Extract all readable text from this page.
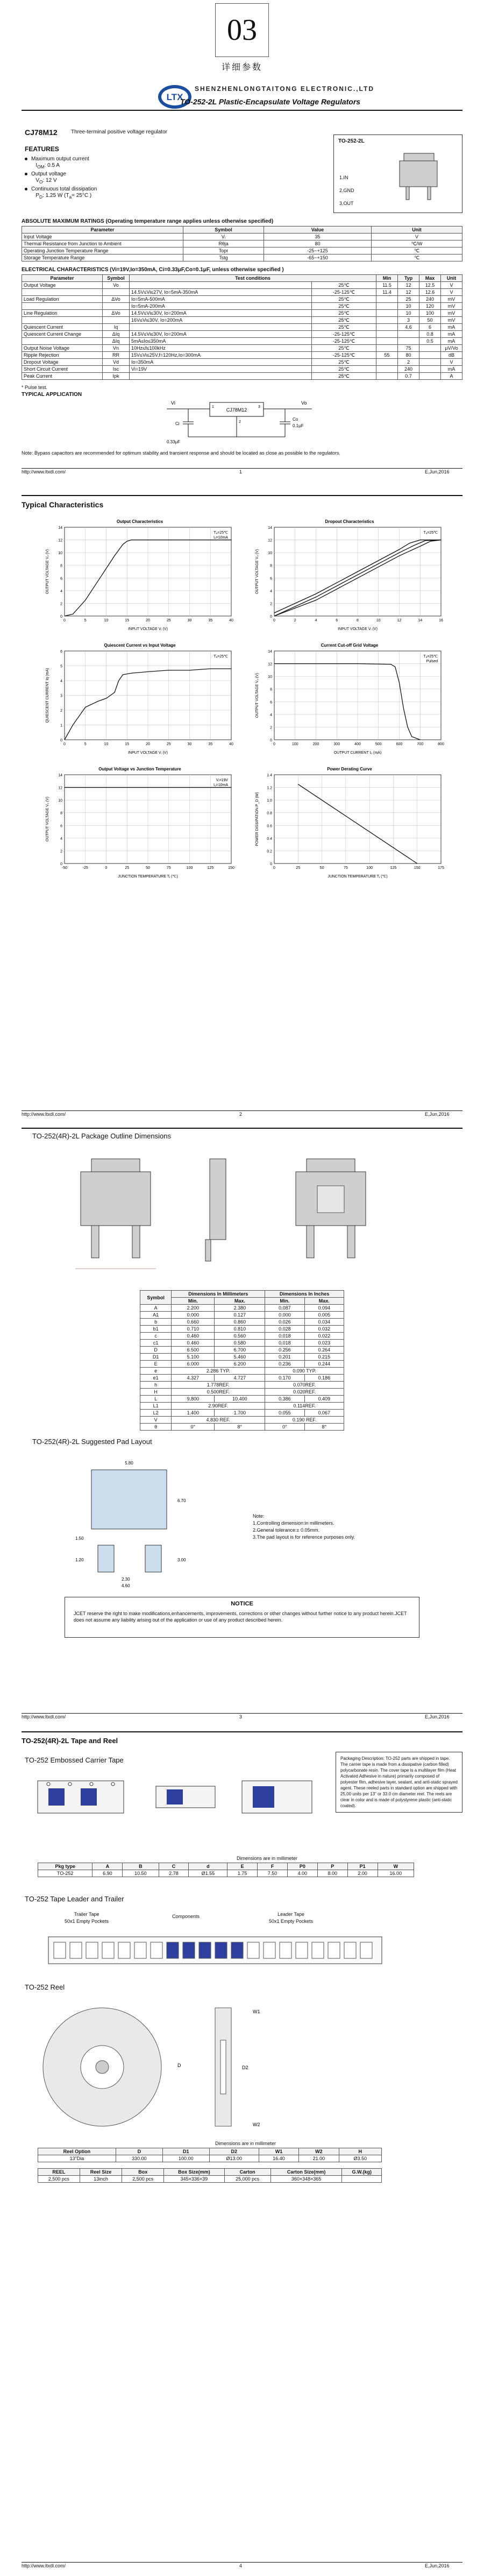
03
详细参数
LTX
SHENZHENLONGTAITONG ELECTRONIC.,LTD
TO-252-2L Plastic-Encapsulate Voltage Regulators
CJ78M12	Three-terminal positive voltage regulator
FEATURES
Maximum output current
$I_{OM}$: 0.5 A
Output voltage
$V_O$: 12 V
Continuous total dissipation
$P_D$: 1.25 W ($T_a= 25^\circ C$ )
TO-252-2L
1.IN
2.GND
3.OUT
ABSOLUTE MAXIMUM RATINGS (Operating temperature range applies unless otherwise specified)
Parameter	Symbol	Value	Unit
Input Voltage	Vᵢ	35	V
Thermal Resistance from Junction to Ambient	Rθja	80	℃/W
Operating Junction Temperature Range	Topr	-25~+125	℃
Storage Temperature Range	Tstg	-65~+150	℃
ELECTRICAL CHARACTERISTICS (Vi=19V,Io=350mA, Ci=0.33μF,Co=0.1μF, unless otherwise specified )
Parameter	Symbol	Test conditions		Min	Typ	Max	Unit
Output Voltage	Vo		25℃	11.5	12	12.5	V
		14.5V≤Vi≤27V, Io=5mA-350mA	-25-125℃	11.4	12	12.6	V
Load Regulation	ΔVo	Io=5mA-500mA	25℃		25	240	mV
		Io=5mA-200mA	25℃		10	120	mV
Line Regulation	ΔVo	14.5V≤Vi≤30V, Io=200mA	25℃		10	100	mV
		16V≤Vi≤30V, Io=200mA	25℃		3	50	mV
Quiescent Current	Iq		25℃		4.6	6	mA
Quiescent Current Change	ΔIq	14.5V≤Vi≤30V, Io=200mA	-25-125℃			0.8	mA
	ΔIq	5mA≤Io≤350mA	-25-125℃			0.5	mA
Output Noise Voltage	Vn	10Hz≤f≤100kHz	25℃		75		μV/Vo
Ripple Rejection	RR	15V≤Vi≤25V,f=120Hz,Io=300mA	-25-125℃	55	80		dB
Dropout Voltage	Vd	Io=350mA	25℃		2		V
Short Circuit Current	Isc	Vi=19V	25℃		240		mA
Peak Current	Ipk		25℃		0.7		A
* Pulse test.
TYPICAL APPLICATION
Vi	Vo
CJ78M12
1	3
2
Ci
0.33μF
Co
0.1μF
Note: Bypass capacitors are recommended for optimum stability and transient response and should be located as close as possible to the regulators.
http://www.ltxdl.com/	1	E,Jun,2016
Typical Characteristics
Output Characteristics
0	5	10	15	20	25	30	35	40
0
2
4
6
8
10
12
14
INPUT VOLTAGE Vᵢ (V)
OUTPUT VOLTAGE Vₒ (V)
Tₐ=25℃
Iₒ=10mA
Dropout Characteristics
0	2	4	6	8	10	12	14	16
0
2
4
6
8
10
12
14
INPUT VOLTAGE Vᵢ (V)
OUTPUT VOLTAGE Vₒ (V)
Tₐ=25℃
Quiescent Current vs Input Voltage
0	5	10	15	20	25	30	35	40
0
1
2
3
4
5
6
INPUT VOLTAGE Vᵢ (V)
QUIESCENT CURRENT Iq (mA)
Tₐ=25℃
Current Cut-off Grid Voltage
0	100	200	300	400	500	600	700	800
0
2
4
6
8
10
12
14
OUTPUT CURRENT Iₒ (mA)
OUTPUT VOLTAGE Vₒ (V)
Tₐ=25℃
Pulsed
Output Voltage vs Junction Temperature
-50	-25	0	25	50	75	100	125	150
0
2
4
6
8
10
12
14
JUNCTION TEMPERATURE Tⱼ (℃)
OUTPUT VOLTAGE Vₒ (V)
Vᵢ=19V
Iₒ=10mA
Power Derating Curve
0	25	50	75	100	125	150	175
0
0.2
0.4
0.6
0.8
1.0
1.2
1.4
JUNCTION TEMPERATURE Tⱼ (℃)
POWER DISSIPATION P_D (W)
http://www.ltxdl.com/	2	E,Jun,2016
TO-252(4R)-2L Package Outline Dimensions
Symbol	Dimensions In Millimeters		Dimensions In Inches	
	Min.	Max.	Min.	Max.
A	2.200	2.380	0.087	0.094
A1	0.000	0.127	0.000	0.005
b	0.660	0.860	0.026	0.034
b1	0.710	0.810	0.028	0.032
c	0.460	0.560	0.018	0.022
c1	0.460	0.580	0.018	0.023
D	6.500	6.700	0.256	0.264
D1	5.100	5.460	0.201	0.215
E	6.000	6.200	0.236	0.244
e	2.286 TYP.		0.090 TYP.	
e1	4.327	4.727	0.170	0.186
h	1.778REF.		0.070REF.	
H	0.500REF.		0.020REF.	
L	9.800	10.400	0.386	0.409
L1	2.90REF.		0.114REF.	
L2	1.400	1.700	0.055	0.067
V	4.830 REF.		0.190 REF.	
θ	0°	8°	0°	8°
TO-252(4R)-2L Suggested Pad Layout
5.80
6.70
3.00
1.20
2.30
4.60
1.50
Note:
1.Controlling dimension:in millimeters.
2.General tolerance:± 0.05mm.
3.The pad layout is for reference purposes only.
NOTICE
JCET reserve the right to make modifications,enhancements, improvements, corrections or other changes without further notice to any product herein.JCET does not assume any liability arising out of the application or use of any product described herein.
http://www.ltxdl.com/	3	E,Jun,2016
TO-252(4R)-2L Tape and Reel
TO-252 Embossed Carrier Tape	Packaging Description: TO-252 parts are shipped in tape. The carrier tape is made from a dissipative (carbon filled) polycarbonate resin. The cover tape is a multilayer film (Heat Activated Adhesive in nature) primarily composed of polyester film, adhesive layer, sealant, and anti-static sprayed agent. These reeled parts in standard option are shipped with 25,00 units per 13" or 33.0 cm diameter reel. The reels are clear in color and is made of polystyrene plastic (anti-static coated).
Dimensions are in millimeter
Pkg type	A	B	C	d	E	F	P0	P	P1	W
TO-252	6.90	10.50	2.78	Ø1.55	1.75	7.50	4.00	8.00	2.00	16.00
TO-252 Tape Leader and Trailer
Trailer Tape
50x1 Empty Pockets
Components	Leader Tape
50x1 Empty Pockets
TO-252 Reel
W1
D	D2
W2
Dimensions are in millimeter
Reel Option	D	D1	D2	W1	W2	H
13"Dia	330.00	100.00	Ø13.00	16.40	21.00	Ø3.50
REEL	Reel Size	Box	Box Size(mm)	Carton	Carton Size(mm)	G.W.(kg)
2,500 pcs	13inch	2,500 pcs	345×336×39	25,000 pcs	360×348×365	
http://www.ltxdl.com/	4	E,Jun,2016
